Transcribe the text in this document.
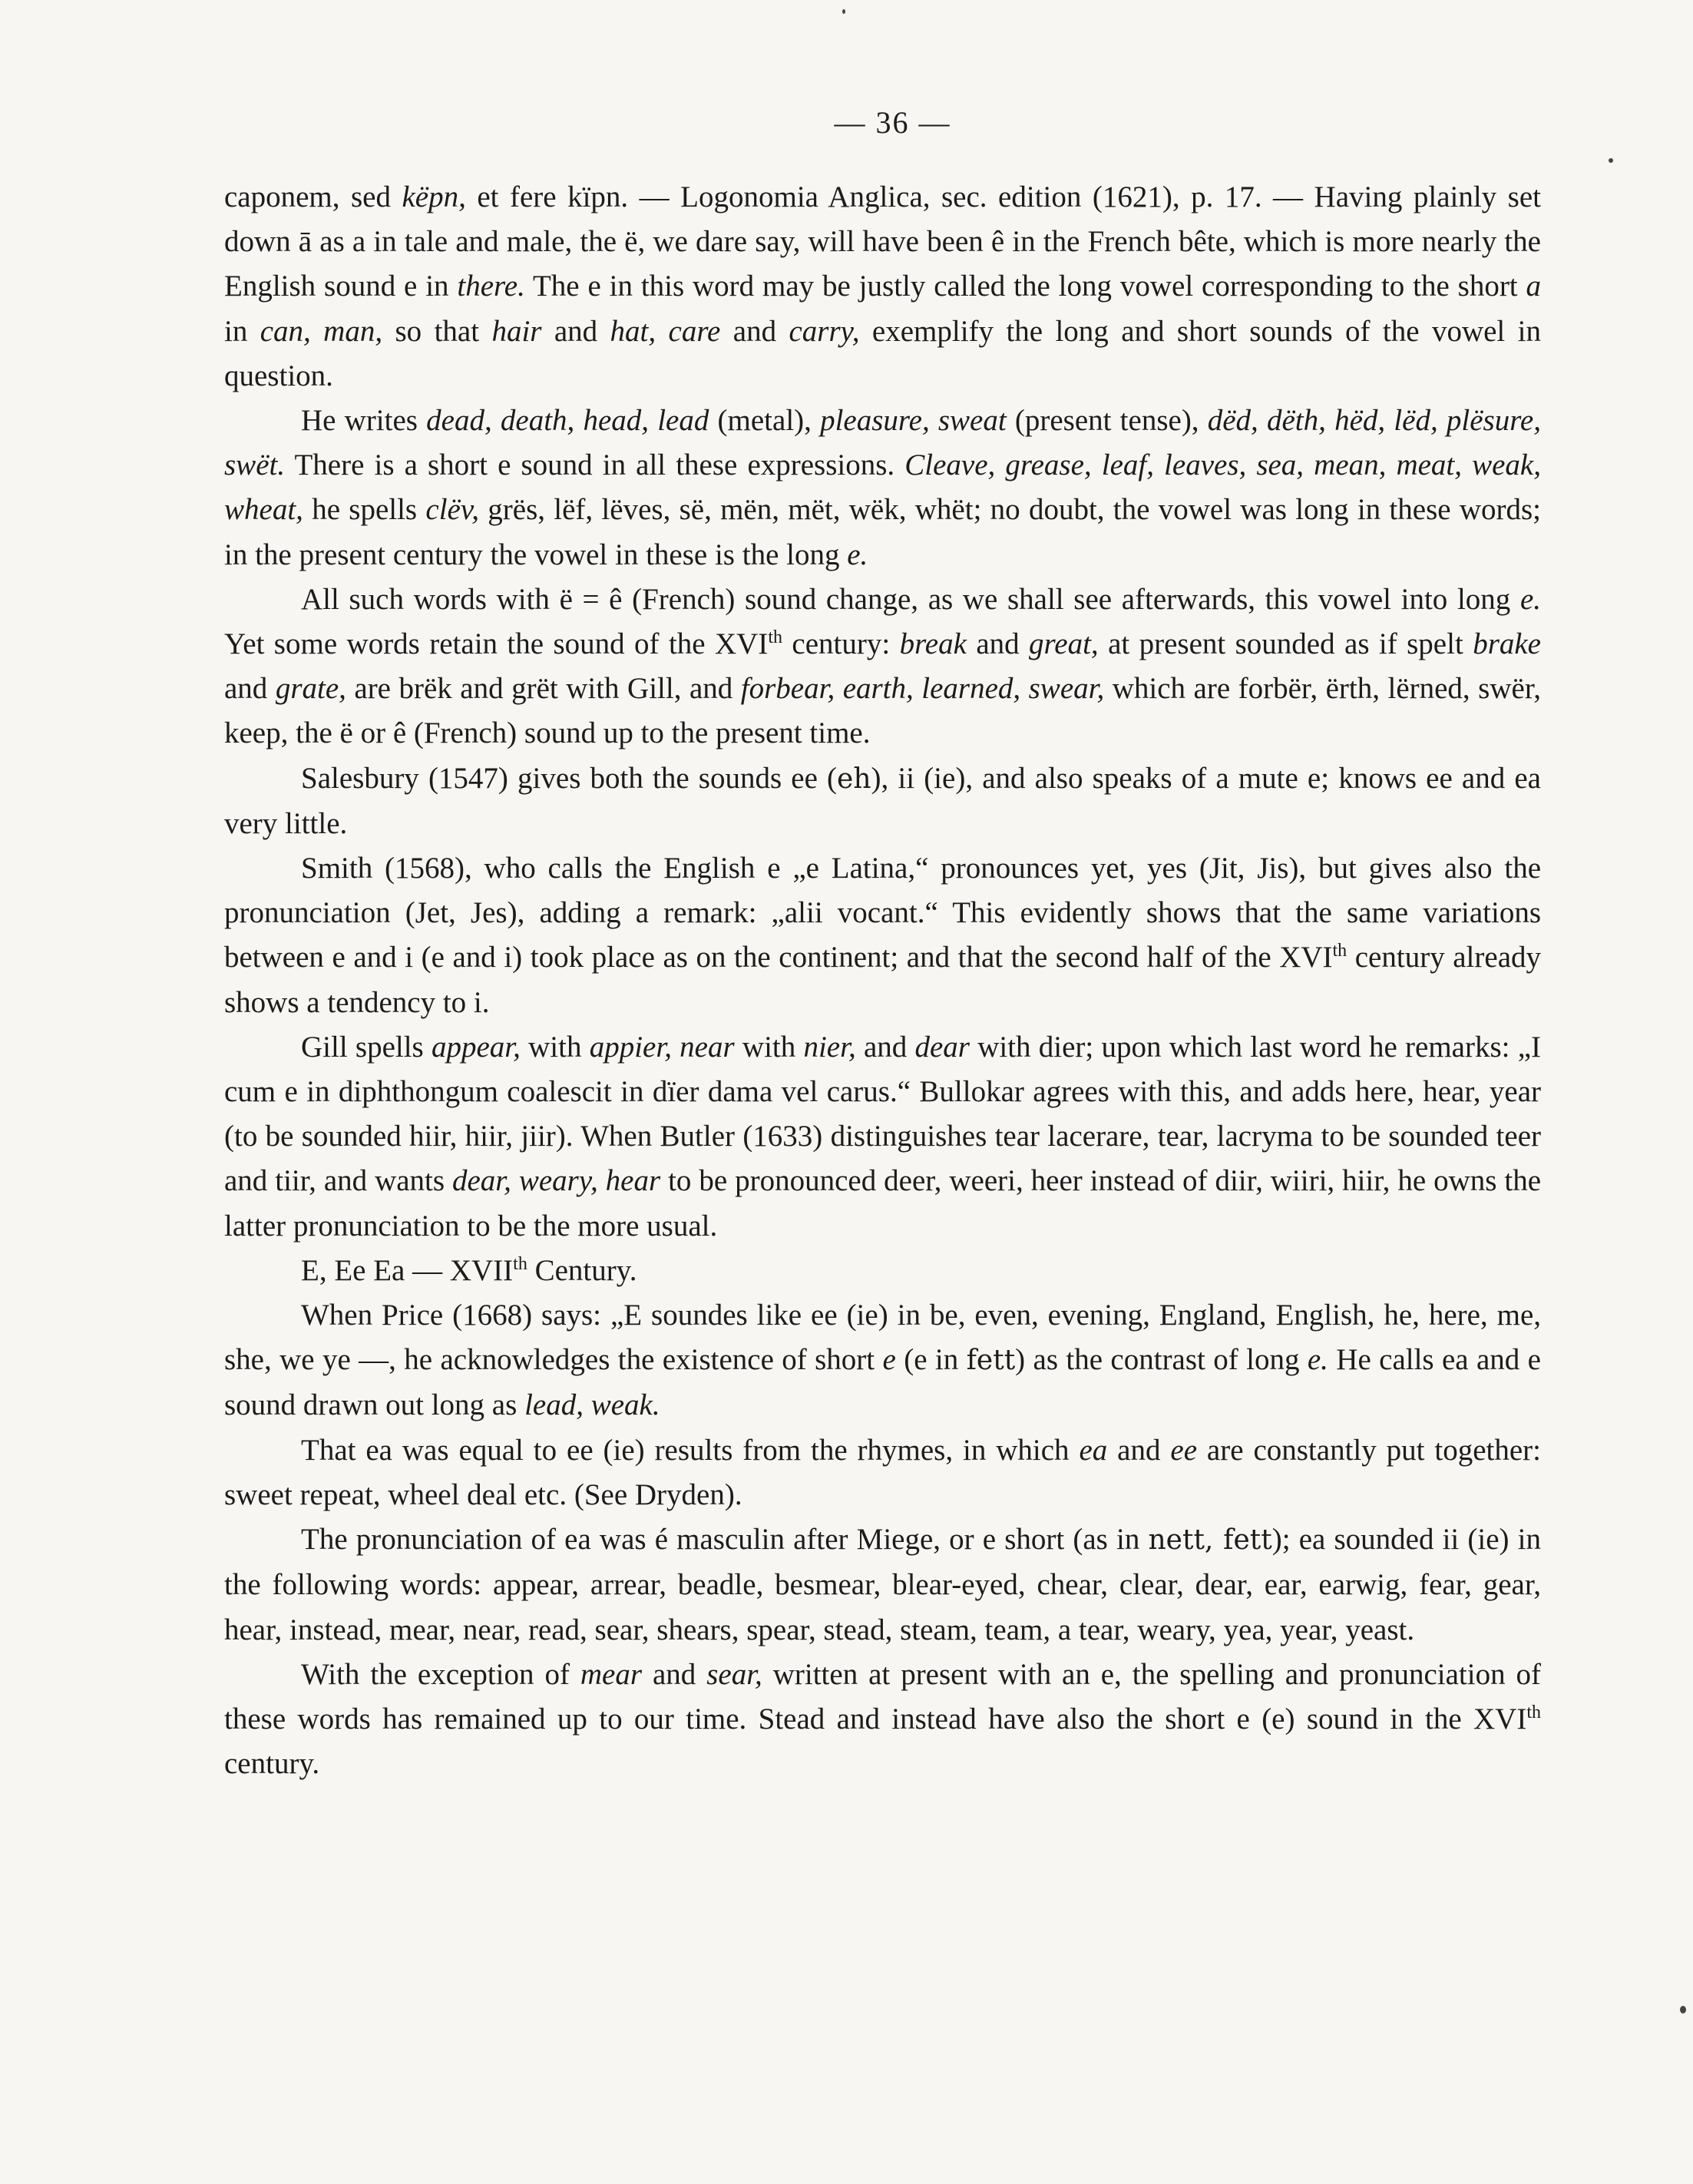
— 36 —

caponem, sed këpn, et fere kïpn. — Logonomia Anglica, sec. edition (1621), p. 17. — Having plainly set down ā as a in tale and male, the ë, we dare say, will have been ê in the French bête, which is more nearly the English sound e in there. The e in this word may be justly called the long vowel corresponding to the short a in can, man, so that hair and hat, care and carry, exemplify the long and short sounds of the vowel in question.

He writes dead, death, head, lead (metal), pleasure, sweat (present tense), dëd, dëth, hëd, lëd, plësure, swët. There is a short e sound in all these expressions. Cleave, grease, leaf, leaves, sea, mean, meat, weak, wheat, he spells clëv, grës, lëf, lëves, së, mën, mët, wëk, whët; no doubt, the vowel was long in these words; in the present century the vowel in these is the long e.

All such words with ë = ê (French) sound change, as we shall see afterwards, this vowel into long e. Yet some words retain the sound of the XVIth century: break and great, at present sounded as if spelt brake and grate, are brëk and grët with Gill, and forbear, earth, learned, swear, which are forbër, ërth, lërned, swër, keep, the ë or ê (French) sound up to the present time.

Salesbury (1547) gives both the sounds ee (eh), ii (ie), and also speaks of a mute e; knows ee and ea very little.

Smith (1568), who calls the English e „e Latina,“ pronounces yet, yes (Jit, Jis), but gives also the pronunciation (Jet, Jes), adding a remark: „alii vocant.“ This evidently shows that the same variations between e and i (e and i) took place as on the continent; and that the second half of the XVIth century already shows a tendency to i.

Gill spells appear, with appier, near with nier, and dear with dier; upon which last word he remarks: „I cum e in diphthongum coalescit in dïer dama vel carus.“ Bullokar agrees with this, and adds here, hear, year (to be sounded hiir, hiir, jiir). When Butler (1633) distinguishes tear lacerare, tear, lacryma to be sounded teer and tiir, and wants dear, weary, hear to be pronounced deer, weeri, heer instead of diir, wiiri, hiir, he owns the latter pronunciation to be the more usual.

E, Ee Ea — XVIIth Century.

When Price (1668) says: „E soundes like ee (ie) in be, even, evening, England, English, he, here, me, she, we ye —, he acknowledges the existence of short e (e in fett) as the contrast of long e. He calls ea and e sound drawn out long as lead, weak.

That ea was equal to ee (ie) results from the rhymes, in which ea and ee are constantly put together: sweet repeat, wheel deal etc. (See Dryden).

The pronunciation of ea was é masculin after Miege, or e short (as in nett, fett); ea sounded ii (ie) in the following words: appear, arrear, beadle, besmear, blear-eyed, chear, clear, dear, ear, earwig, fear, gear, hear, instead, mear, near, read, sear, shears, spear, stead, steam, team, a tear, weary, yea, year, yeast.

With the exception of mear and sear, written at present with an e, the spelling and pronunciation of these words has remained up to our time. Stead and instead have also the short e (e) sound in the XVIth century.
